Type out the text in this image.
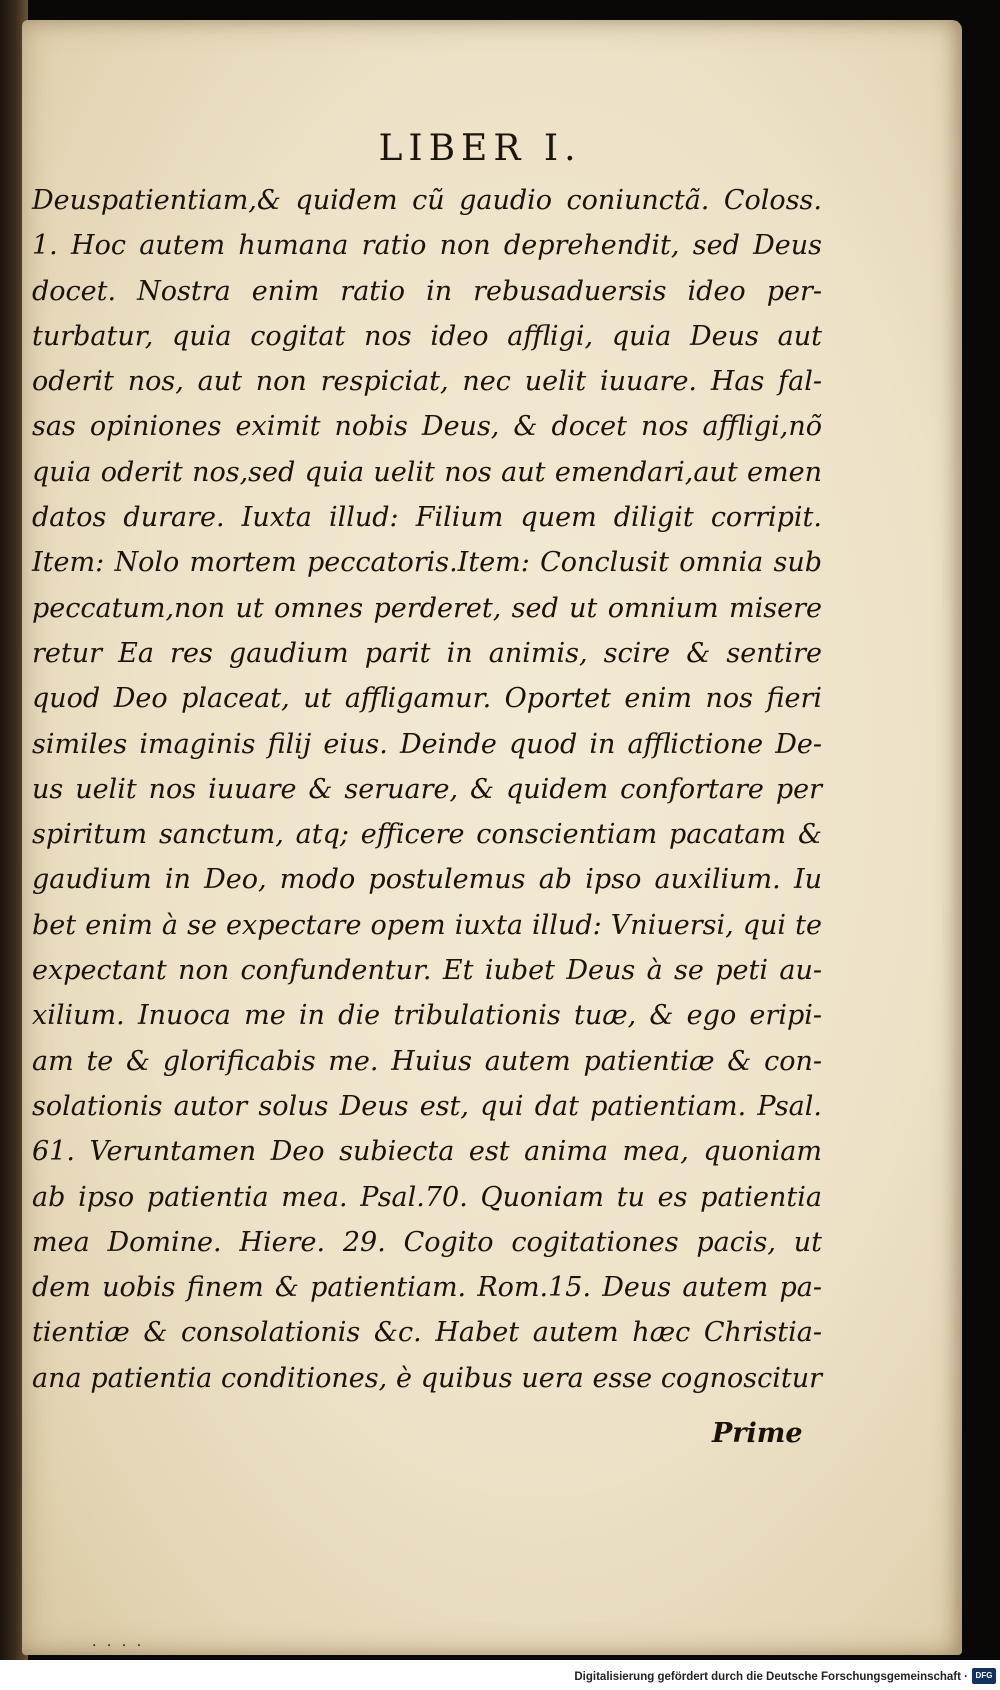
LIBER I.
Deuspatientiam,& quidem cũ gaudio coniunctã. Coloss.
1. Hoc autem humana ratio non deprehendit, sed Deus
docet. Nostra enim ratio in rebusaduersis ideo per-
turbatur, quia cogitat nos ideo affligi, quia Deus aut
oderit nos, aut non respiciat, nec uelit iuuare. Has fal-
sas opiniones eximit nobis Deus, & docet nos affligi,nõ
quia oderit nos,sed quia uelit nos aut emendari,aut emen
datos durare. Iuxta illud: Filium quem diligit corripit.
Item: Nolo mortem peccatoris.Item: Conclusit omnia sub
peccatum,non ut omnes perderet, sed ut omnium misere
retur Ea res gaudium parit in animis, scire & sentire
quod Deo placeat, ut affligamur. Oportet enim nos fieri
similes imaginis filij eius. Deinde quod in afflictione De-
us uelit nos iuuare & seruare, & quidem confortare per
spiritum sanctum, atq; efficere conscientiam pacatam &
gaudium in Deo, modo postulemus ab ipso auxilium. Iu
bet enim à se expectare opem iuxta illud: Vniuersi, qui te
expectant non confundentur. Et iubet Deus à se peti au-
xilium. Inuoca me in die tribulationis tuæ, & ego eripi-
am te & glorificabis me. Huius autem patientiæ & con-
solationis autor solus Deus est, qui dat patientiam. Psal.
61. Veruntamen Deo subiecta est anima mea, quoniam
ab ipso patientia mea. Psal.70. Quoniam tu es patientia
mea Domine. Hiere. 29. Cogito cogitationes pacis, ut
dem uobis finem & patientiam. Rom.15. Deus autem pa-
tientiæ & consolationis &c. Habet autem hæc Christia-
ana patientia conditiones, è quibus uera esse cognoscitur
Prime
· · · ·
Digitalisierung gefördert durch die Deutsche Forschungsgemeinschaft · DFG
